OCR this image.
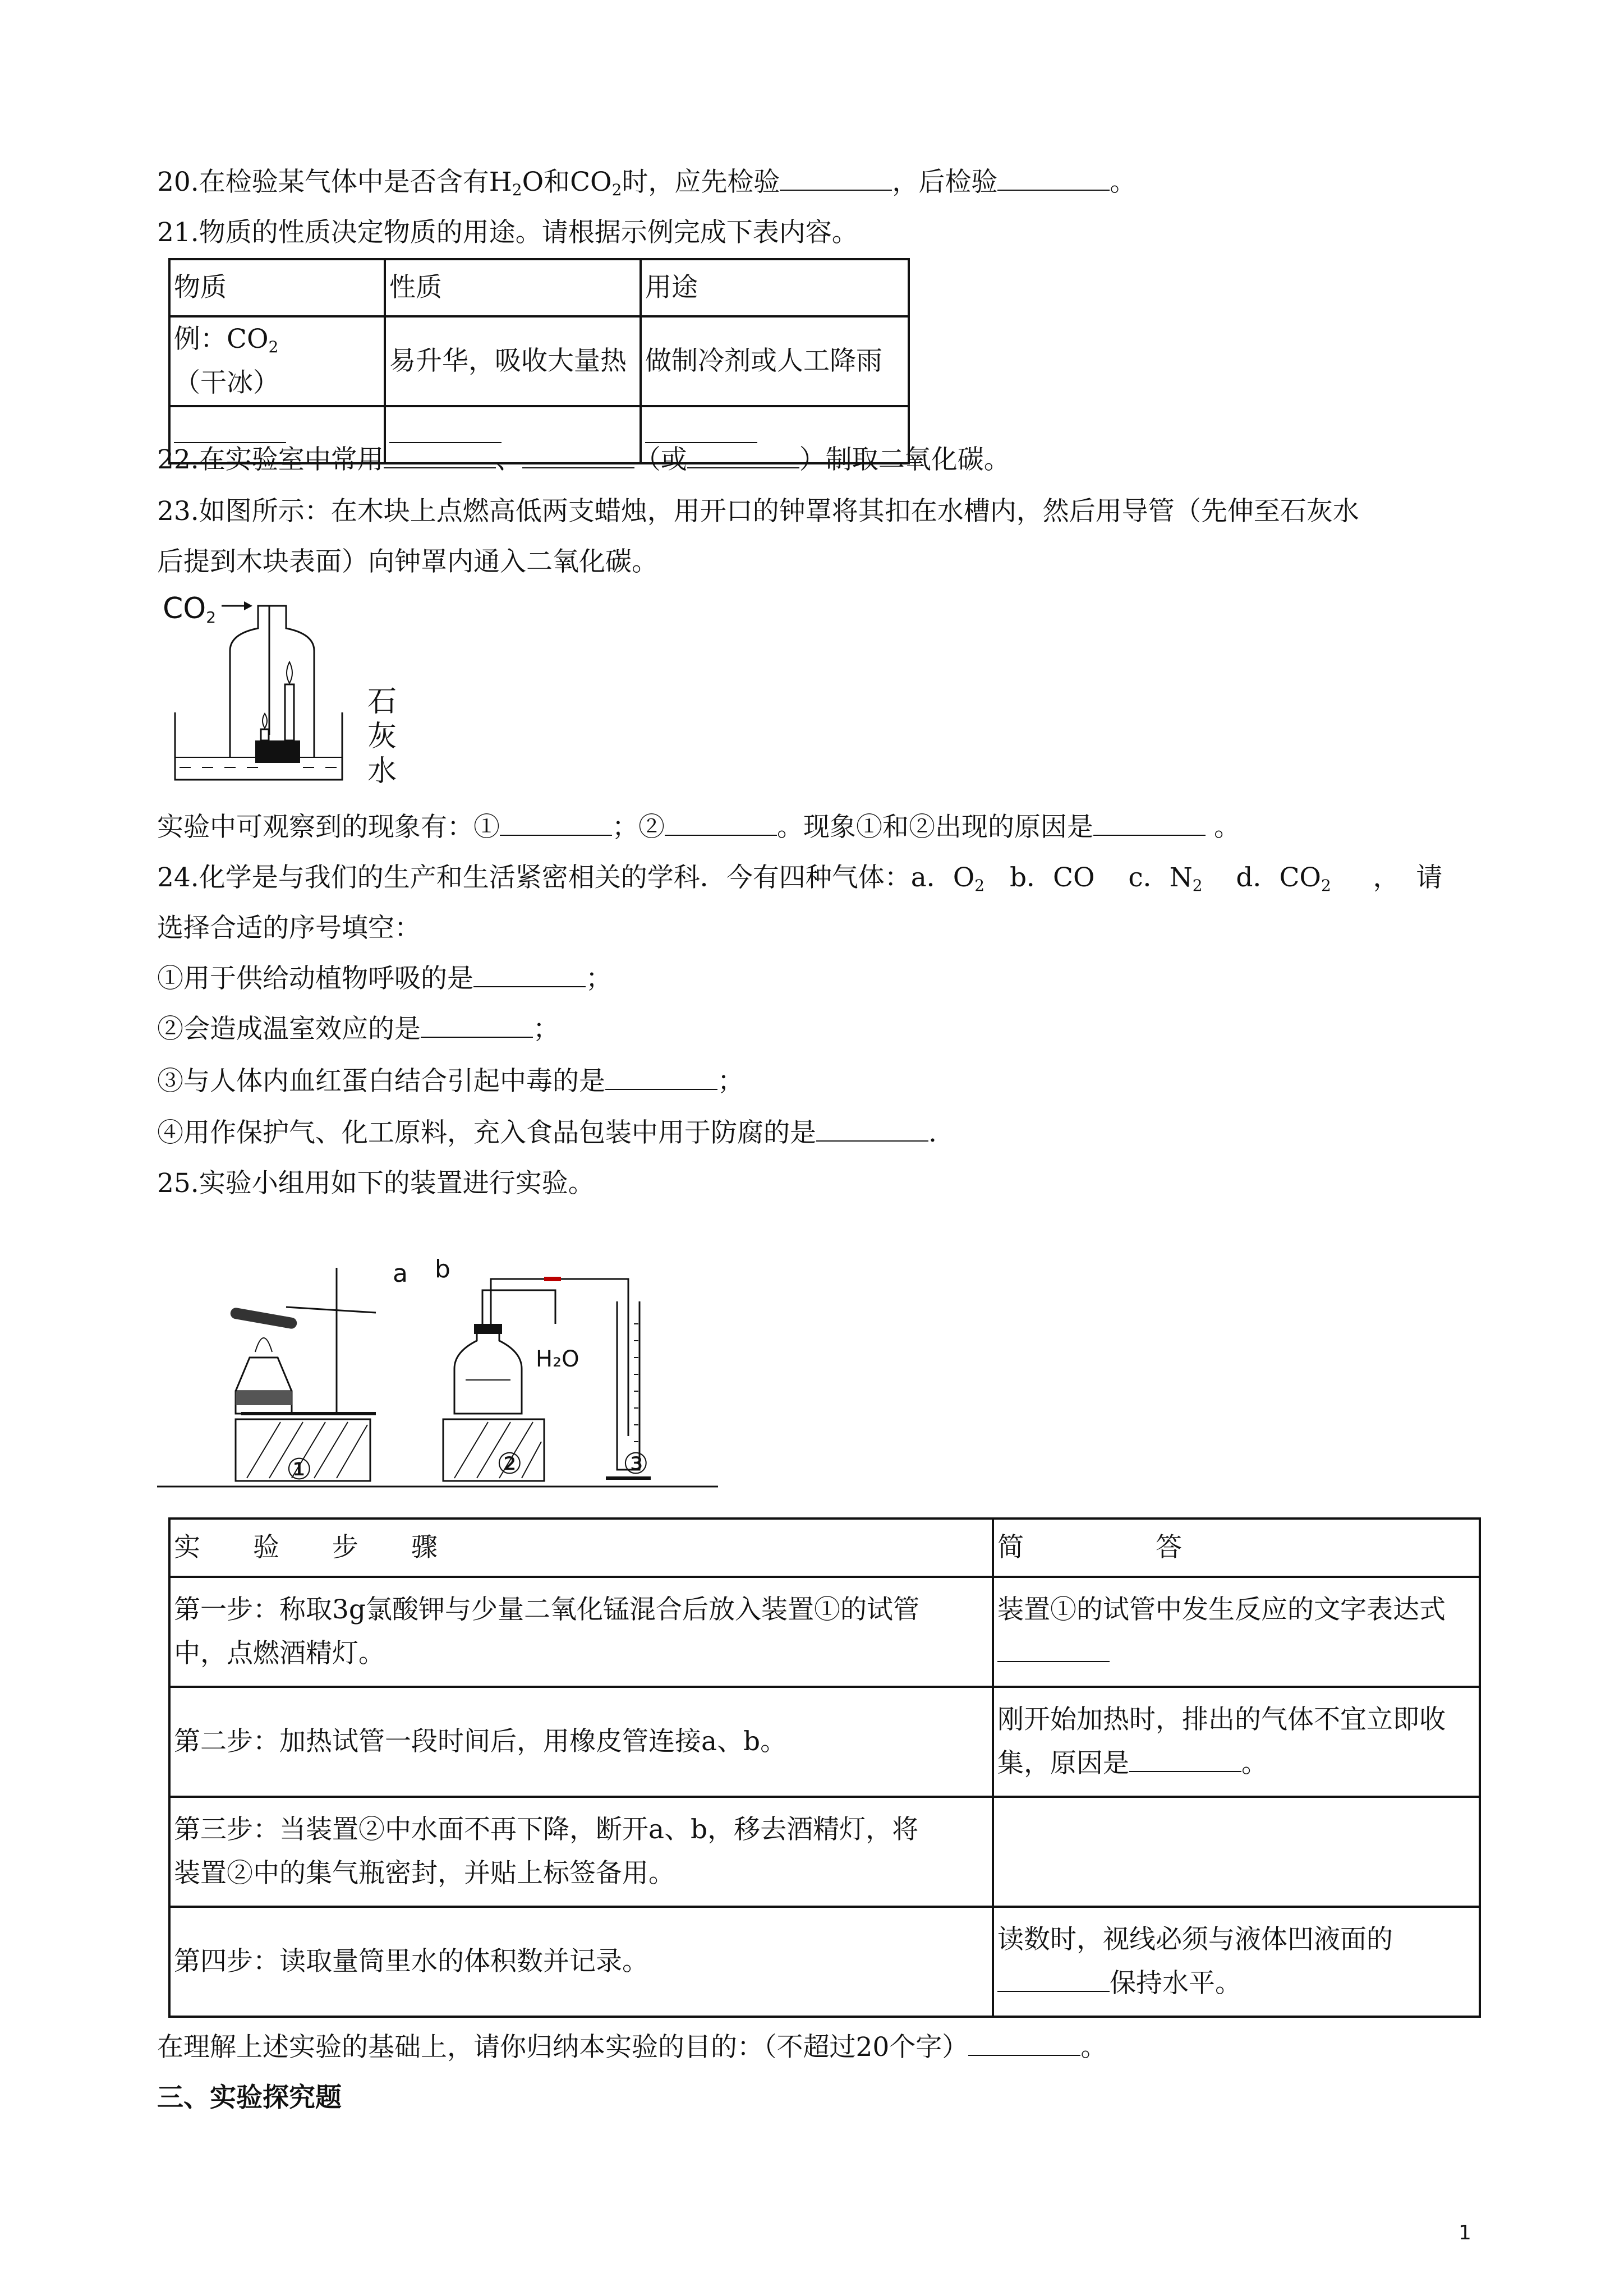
20.在检验某气体中是否含有$H_2O$和$CO_2$时，应先检验	，后检验	。
21.物质的性质决定物质的用途。请根据示例完成下表内容。
物质	性质	用途
例：$CO_2$（干冰）	易升华，吸收大量热	做制冷剂或人工降雨

22.在实验室中常用	、	（或	）制取二氧化碳。
23.如图所示：在木块上点燃高低两支蜡烛，用开口的钟罩将其扣在水槽内，然后用导管（先伸至石灰水
后提到木块表面）向钟罩内通入二氧化碳。
$CO_2$
石
灰
水
实验中可观察到的现象有：①	；②	。现象①和②出现的原因是	。
24.化学是与我们的生产和生活紧密相关的学科．今有四种气体：a．$O_2$ b．CO c．$N_2$ d．$CO_2$ ， 请
选择合适的序号填空：
①用于供给动植物呼吸的是	；
②会造成温室效应的是	；
③与人体内血红蛋白结合引起中毒的是	；
④用作保护气、化工原料，充入食品包装中用于防腐的是	.
25.实验小组用如下的装置进行实验。
a b
H₂O
①	②	③
实　　验　　步　　骤	简　　　　　答

第一步：称取3g氯酸钾与少量二氧化锰混合后放入装置①的试管
中，点燃酒精灯。	装置①的试管中发生反应的文字表达式

第二步：加热试管一段时间后，用橡皮管连接a、b。	刚开始加热时，排出的气体不宜立即收
集，原因是 。

第三步：当装置②中水面不再下降，断开a、b，移去酒精灯，将
装置②中的集气瓶密封，并贴上标签备用。	

第四步：读取量筒里水的体积数并记录。	读数时，视线必须与液体凹液面的
保持水平。
在理解上述实验的基础上，请你归纳本实验的目的：（不超过20个字）	。
三、实验探究题
1
